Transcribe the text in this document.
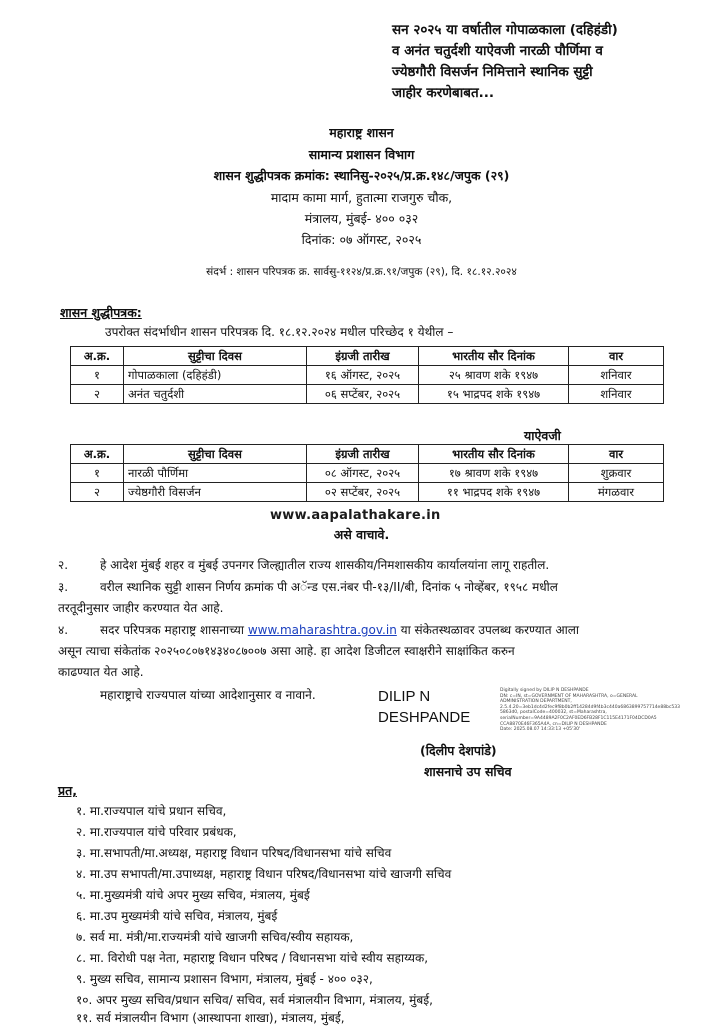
सन २०२५ या वर्षातील गोपाळकाला (दहिहंडी)
व अनंत चतुर्दशी याऐवजी नारळी पौर्णिमा व
ज्येष्ठगौरी विसर्जन निमित्ताने स्थानिक सुट्टी
जाहीर करणेबाबत...
महाराष्ट्र शासन
सामान्य प्रशासन विभाग
शासन शुद्धीपत्रक क्रमांक: स्थानिसु-२०२५/प्र.क्र.१४८/जपुक (२९)
मादाम कामा मार्ग, हुतात्मा राजगुरु चौक,
मंत्रालय, मुंबई- ४०० ०३२
दिनांक: ०७ ऑगस्ट, २०२५
संदर्भ : शासन परिपत्रक क्र. सार्वसु-११२४/प्र.क्र.९१/जपुक (२९), दि. १८.१२.२०२४
शासन शुद्धीपत्रक:
उपरोक्त संदर्भाधीन शासन परिपत्रक दि. १८.१२.२०२४ मधील परिच्छेद १ येथील –
अ.क्र.	सुट्टीचा दिवस	इंग्रजी तारीख	भारतीय सौर दिनांक	वार
१	गोपाळकाला (दहिहंडी)	१६ ऑगस्ट, २०२५	२५ श्रावण शके १९४७	शनिवार
२	अनंत चतुर्दशी	०६ सप्टेंबर, २०२५	१५ भाद्रपद शके १९४७	शनिवार
याऐवजी
अ.क्र.	सुट्टीचा दिवस	इंग्रजी तारीख	भारतीय सौर दिनांक	वार
१	नारळी पौर्णिमा	०८ ऑगस्ट, २०२५	१७ श्रावण शके १९४७	शुक्रवार
२	ज्येष्ठगौरी विसर्जन	०२ सप्टेंबर, २०२५	११ भाद्रपद शके १९४७	मंगळवार
www.aapalathakare.in
असे वाचावे.
२.	हे आदेश मुंबई शहर व मुंबई उपनगर जिल्ह्यातील राज्य शासकीय/निमशासकीय कार्यालयांना लागू राहतील.
३.	वरील स्थानिक सुट्टी शासन निर्णय क्रमांक पी अॅन्ड एस.नंबर पी-१३/II/बी, दिनांक ५ नोव्हेंबर, १९५८ मधील
तरतूदीनुसार जाहीर करण्यात येत आहे.
४.	सदर परिपत्रक महाराष्ट्र शासनाच्या www.maharashtra.gov.in या संकेतस्थळावर उपलब्ध करण्यात आला
असून त्याचा संकेतांक २०२५०८०७१४३४०८७००७ असा आहे. हा आदेश डिजीटल स्वाक्षरीने साक्षांकित करुन
काढण्यात येत आहे.
महाराष्ट्राचे राज्यपाल यांच्या आदेशानुसार व नावाने.	DILIP N
DESHPANDE
Digitally signed by DILIP N DESHPANDE
DN: c=IN, st=GOVERNMENT OF MAHARASHTRA, o=GENERAL
ADMINISTRATION DEPARTMENT,
2.5.4.20=3eb1dc4d2fec9f8b0b2ff14284d9f4b3c440a6863899757714e88bc533
5863d0, postalCode=400032, st=Maharashtra,
serialNumber=9A4489A2F0C2AF0ED6FB28F1C115E4171F04DCD0A5
CCA8870E46F365A4A, cn=DILIP N DESHPANDE
Date: 2025.08.07 14:33:13 +05'30'
(दिलीप देशपांडे)
शासनाचे उप सचिव
प्रत,
१. मा.राज्यपाल यांचे प्रधान सचिव,
२. मा.राज्यपाल यांचे परिवार प्रबंधक,
३. मा.सभापती/मा.अध्यक्ष, महाराष्ट्र विधान परिषद/विधानसभा यांचे सचिव
४. मा.उप सभापती/मा.उपाध्यक्ष, महाराष्ट्र विधान परिषद/विधानसभा यांचे खाजगी सचिव
५. मा.मुख्यमंत्री यांचे अपर मुख्य सचिव, मंत्रालय, मुंबई
६. मा.उप मुख्यमंत्री यांचे सचिव, मंत्रालय, मुंबई
७. सर्व मा. मंत्री/मा.राज्यमंत्री यांचे खाजगी सचिव/स्वीय सहायक,
८. मा. विरोधी पक्ष नेता, महाराष्ट्र विधान परिषद / विधानसभा यांचे स्वीय सहाय्यक,
९. मुख्य सचिव, सामान्य प्रशासन विभाग, मंत्रालय, मुंबई - ४०० ०३२,
१०. अपर मुख्य सचिव/प्रधान सचिव/ सचिव, सर्व मंत्रालयीन विभाग, मंत्रालय, मुंबई,
११. सर्व मंत्रालयीन विभाग (आस्थापना शाखा), मंत्रालय, मुंबई,
